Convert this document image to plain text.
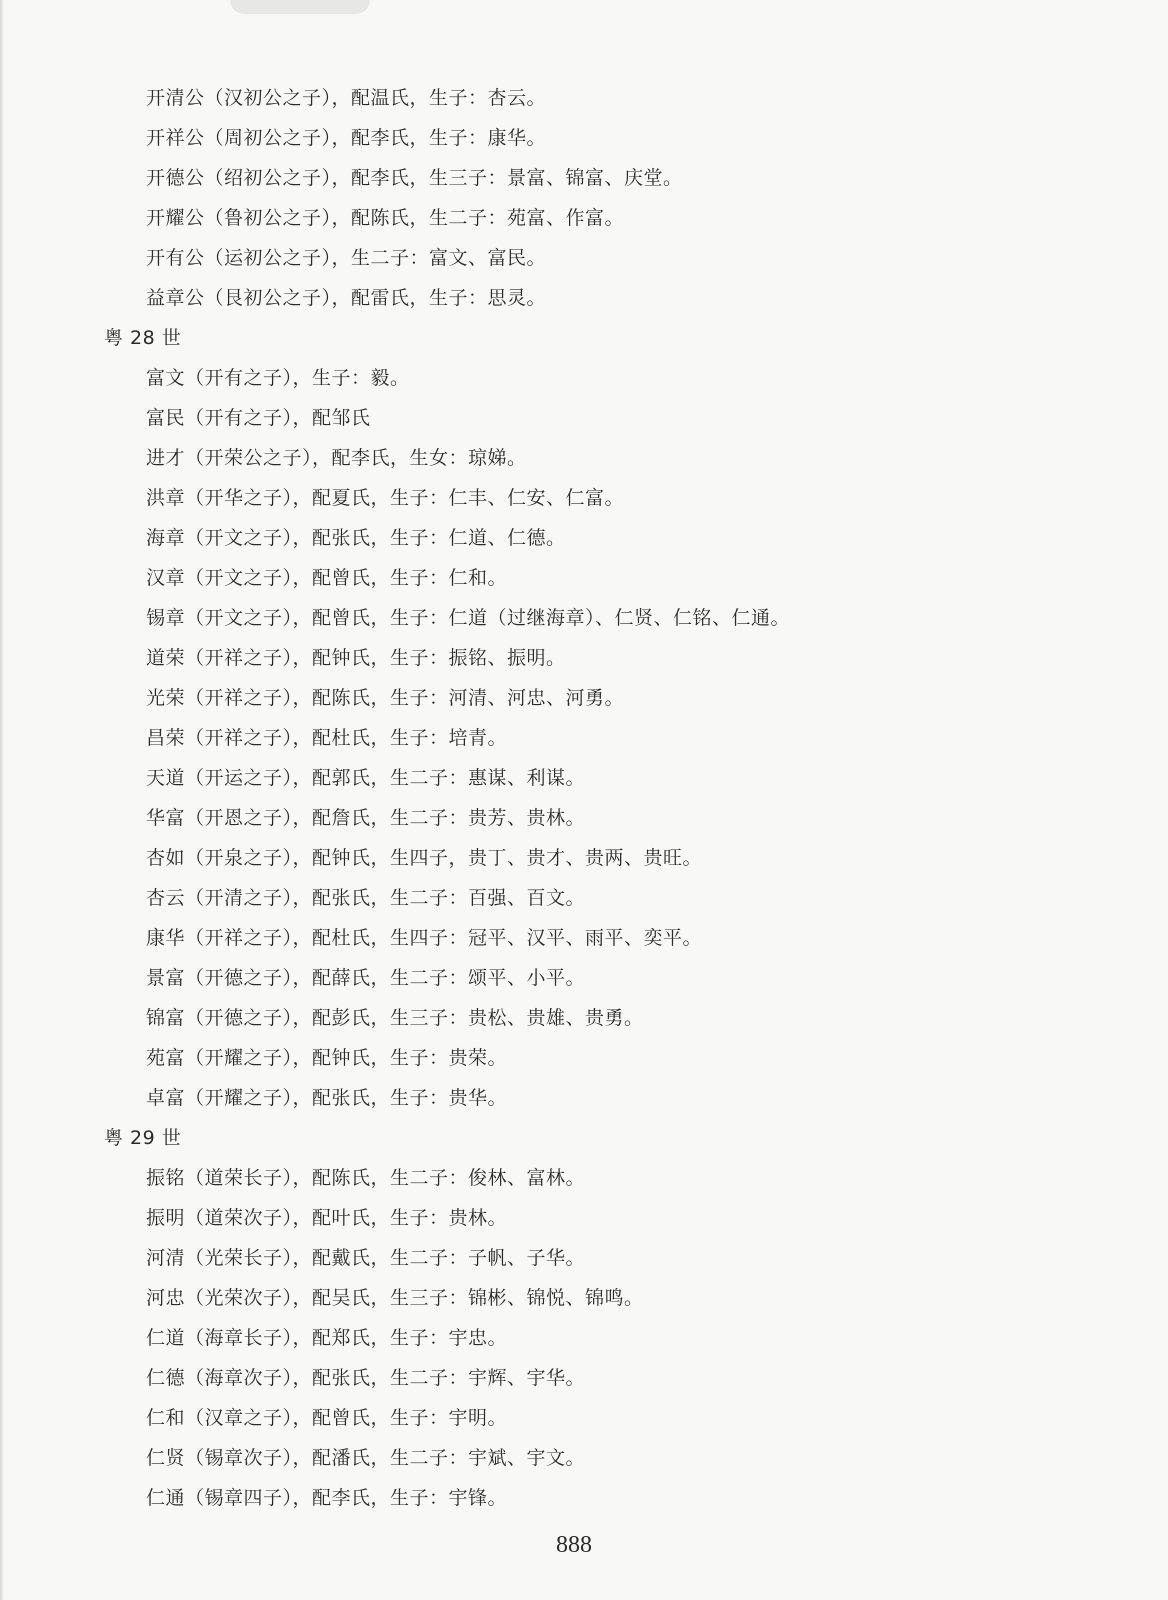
开清公（汉初公之子），配温氏，生子：杏云。
开祥公（周初公之子），配李氏，生子：康华。
开德公（绍初公之子），配李氏，生三子：景富、锦富、庆堂。
开耀公（鲁初公之子），配陈氏，生二子：苑富、作富。
开有公（运初公之子），生二子：富文、富民。
益章公（艮初公之子），配雷氏，生子：思灵。
粤 28 世
富文（开有之子），生子：毅。
富民（开有之子），配邹氏
进才（开荣公之子），配李氏，生女：琼娣。
洪章（开华之子），配夏氏，生子：仁丰、仁安、仁富。
海章（开文之子），配张氏，生子：仁道、仁德。
汉章（开文之子），配曾氏，生子：仁和。
锡章（开文之子），配曾氏，生子：仁道（过继海章）、仁贤、仁铭、仁通。
道荣（开祥之子），配钟氏，生子：振铭、振明。
光荣（开祥之子），配陈氏，生子：河清、河忠、河勇。
昌荣（开祥之子），配杜氏，生子：培青。
天道（开运之子），配郭氏，生二子：惠谋、利谋。
华富（开恩之子），配詹氏，生二子：贵芳、贵林。
杏如（开泉之子），配钟氏，生四子，贵丁、贵才、贵两、贵旺。
杏云（开清之子），配张氏，生二子：百强、百文。
康华（开祥之子），配杜氏，生四子：冠平、汉平、雨平、奕平。
景富（开德之子），配薛氏，生二子：颂平、小平。
锦富（开德之子），配彭氏，生三子：贵松、贵雄、贵勇。
苑富（开耀之子），配钟氏，生子：贵荣。
卓富（开耀之子），配张氏，生子：贵华。
粤 29 世
振铭（道荣长子），配陈氏，生二子：俊林、富林。
振明（道荣次子），配叶氏，生子：贵林。
河清（光荣长子），配戴氏，生二子：子帆、子华。
河忠（光荣次子），配吴氏，生三子：锦彬、锦悦、锦鸣。
仁道（海章长子），配郑氏，生子：宇忠。
仁德（海章次子），配张氏，生二子：宇辉、宇华。
仁和（汉章之子），配曾氏，生子：宇明。
仁贤（锡章次子），配潘氏，生二子：宇斌、宇文。
仁通（锡章四子），配李氏，生子：宇锋。
888
